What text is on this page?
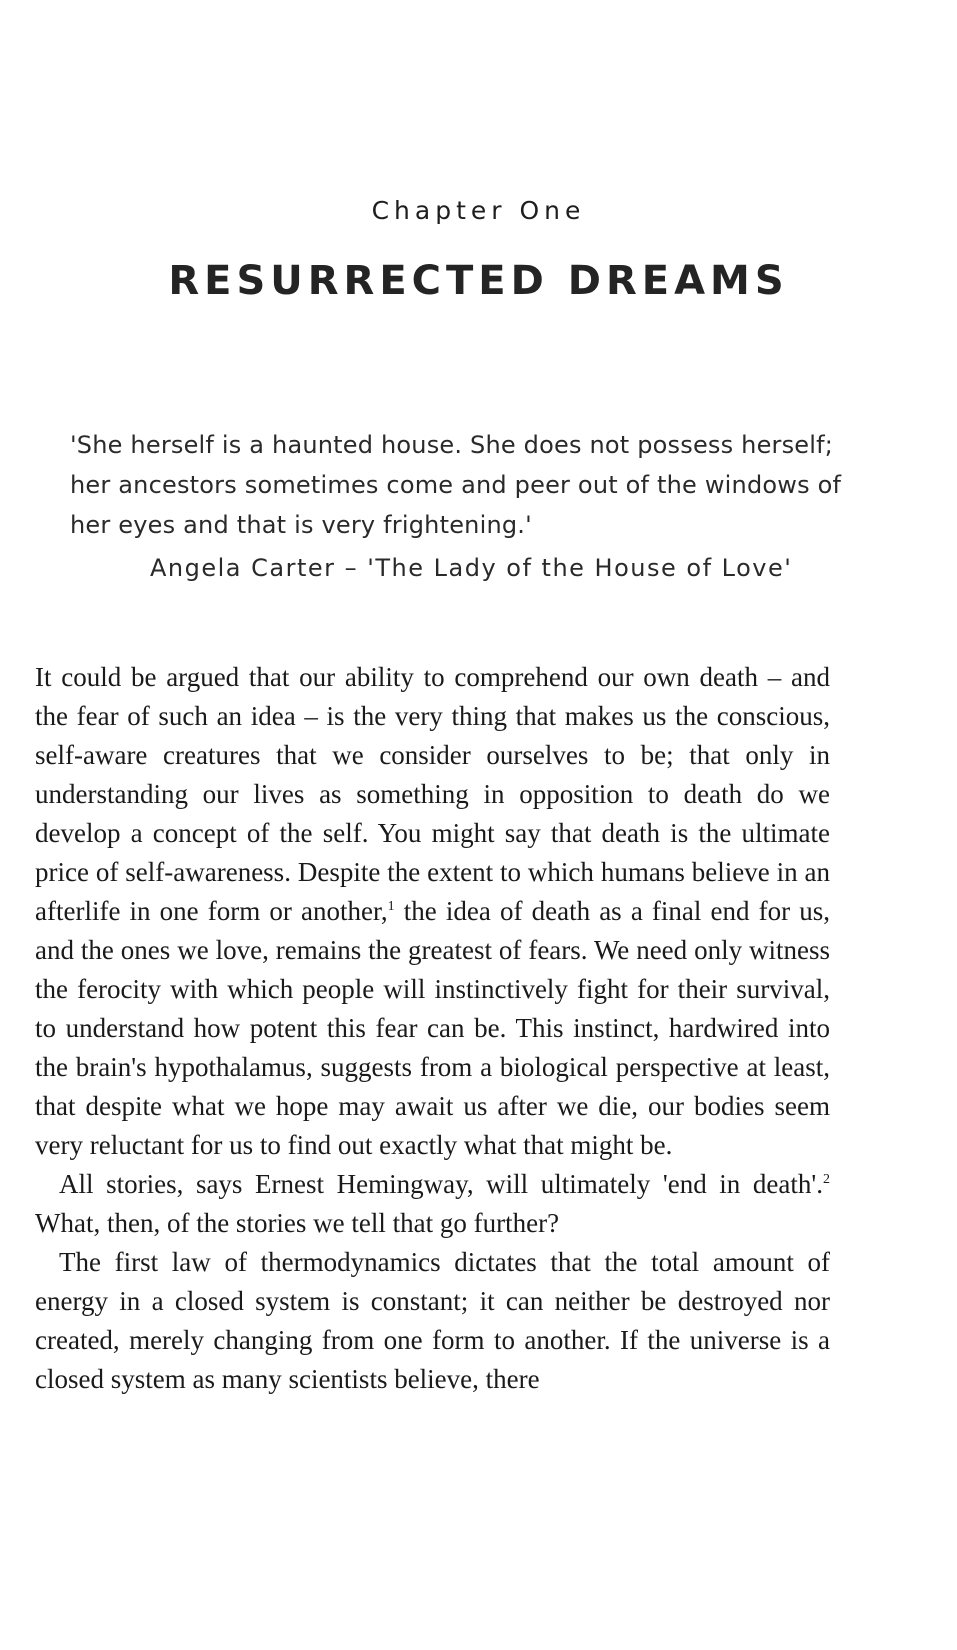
Chapter One
RESURRECTED DREAMS
'She herself is a haunted house. She does not possess herself; her ancestors sometimes come and peer out of the windows of her eyes and that is very frightening.'
Angela Carter – 'The Lady of the House of Love'

It could be argued that our ability to comprehend our own death – and the fear of such an idea – is the very thing that makes us the conscious, self-aware creatures that we consider ourselves to be; that only in understanding our lives as something in opposition to death do we develop a concept of the self. You might say that death is the ultimate price of self-awareness. Despite the extent to which humans believe in an afterlife in one form or another,$^1$ the idea of death as a final end for us, and the ones we love, remains the greatest of fears. We need only witness the ferocity with which people will instinctively fight for their survival, to understand how potent this fear can be. This instinct, hardwired into the brain's hypothalamus, suggests from a biological perspective at least, that despite what we hope may await us after we die, our bodies seem very reluctant for us to find out exactly what that might be.

All stories, says Ernest Hemingway, will ultimately 'end in death'.$^2$ What, then, of the stories we tell that go further?

The first law of thermodynamics dictates that the total amount of energy in a closed system is constant; it can neither be destroyed nor created, merely changing from one form to another. If the universe is a closed system as many scientists believe, there
